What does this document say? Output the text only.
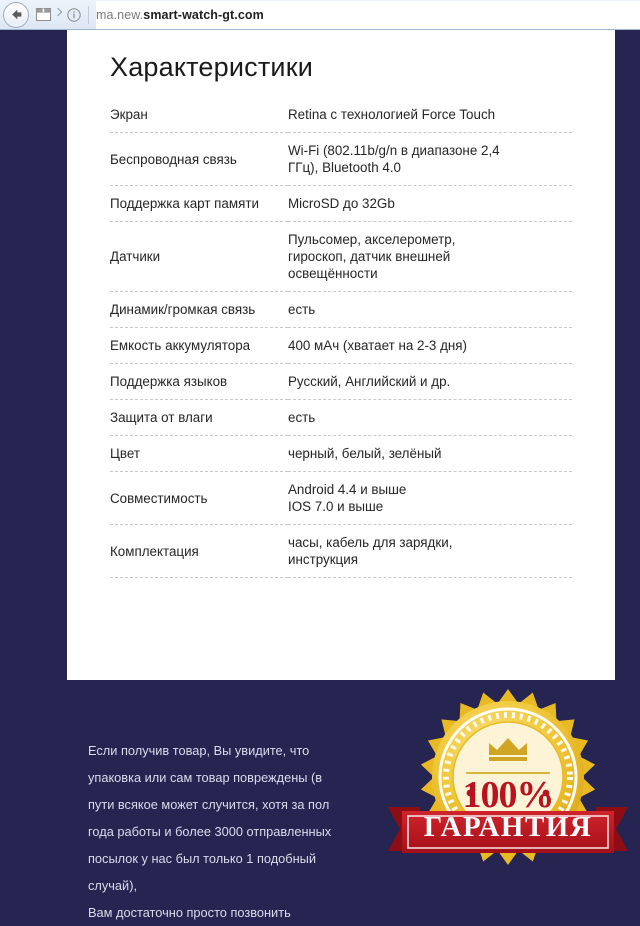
ma.new. smart-watch-gt.com
Характеристики
Экран	Retina с технологией Force Touch

Беспроводная связь	Wi-Fi (802.11b/g/n в диапазоне 2,4
ГГц), Bluetooth 4.0

Поддержка карт памяти	MicroSD до 32Gb

Датчики	Пульсомер, акселерометр,
гироскоп, датчик внешней
освещённости

Динамик/громкая связь	есть

Емкость аккумулятора	400 мАч (хватает на 2-3 дня)

Поддержка языков	Русский, Английский и др.

Защита от влаги	есть

Цвет	черный, белый, зелёный

Совместимость	Android 4.4 и выше
IOS 7.0 и выше

Комплектация	часы, кабель для зарядки,
инструкция
Если получив товар, Вы увидите, что
упаковка или сам товар повреждены (в
пути всякое может случится, хотя за пол
года работы и более 3000 отправленных
посылок у нас был только 1 подобный
случай),
Вам достаточно просто позвонить
100%
ГАРАНТИЯ
